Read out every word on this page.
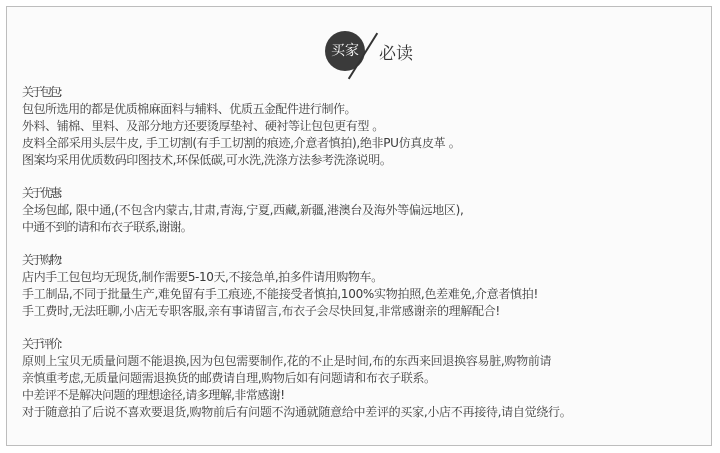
买家	必读

关于包包:

包包所选用的都是优质棉麻面料与辅料、优质五金配件进行制作。

外料、铺棉、里料、及部分地方还要烫厚垫衬、硬衬等让包包更有型 。

皮料全部采用头层牛皮, 手工切割(有手工切割的痕迹,介意者慎拍),绝非PU仿真皮革 。

图案均采用优质数码印图技术,环保低碳,可水洗,洗涤方法参考洗涤说明。

关于优惠:

全场包邮, 限中通,(不包含内蒙古,甘肃,青海,宁夏,西藏,新疆,港澳台及海外等偏远地区),

中通不到的请和布衣子联系,谢谢。

关于购物:

店内手工包包均无现货,制作需要5-10天,不接急单,拍多件请用购物车。

手工制品,不同于批量生产,难免留有手工痕迹,不能接受者慎拍,100%实物拍照,色差难免,介意者慎拍!

手工费时,无法旺聊,小店无专职客服,亲有事请留言,布衣子会尽快回复,非常感谢亲的理解配合!

关于评价:

原则上宝贝无质量问题不能退换,因为包包需要制作,花的不止是时间,布的东西来回退换容易脏,购物前请

亲慎重考虑,无质量问题需退换货的邮费请自理,购物后如有问题请和布衣子联系。

中差评不是解决问题的理想途径,请多理解,非常感谢!

对于随意拍了后说不喜欢要退货,购物前后有问题不沟通就随意给中差评的买家,小店不再接待,请自觉绕行。
